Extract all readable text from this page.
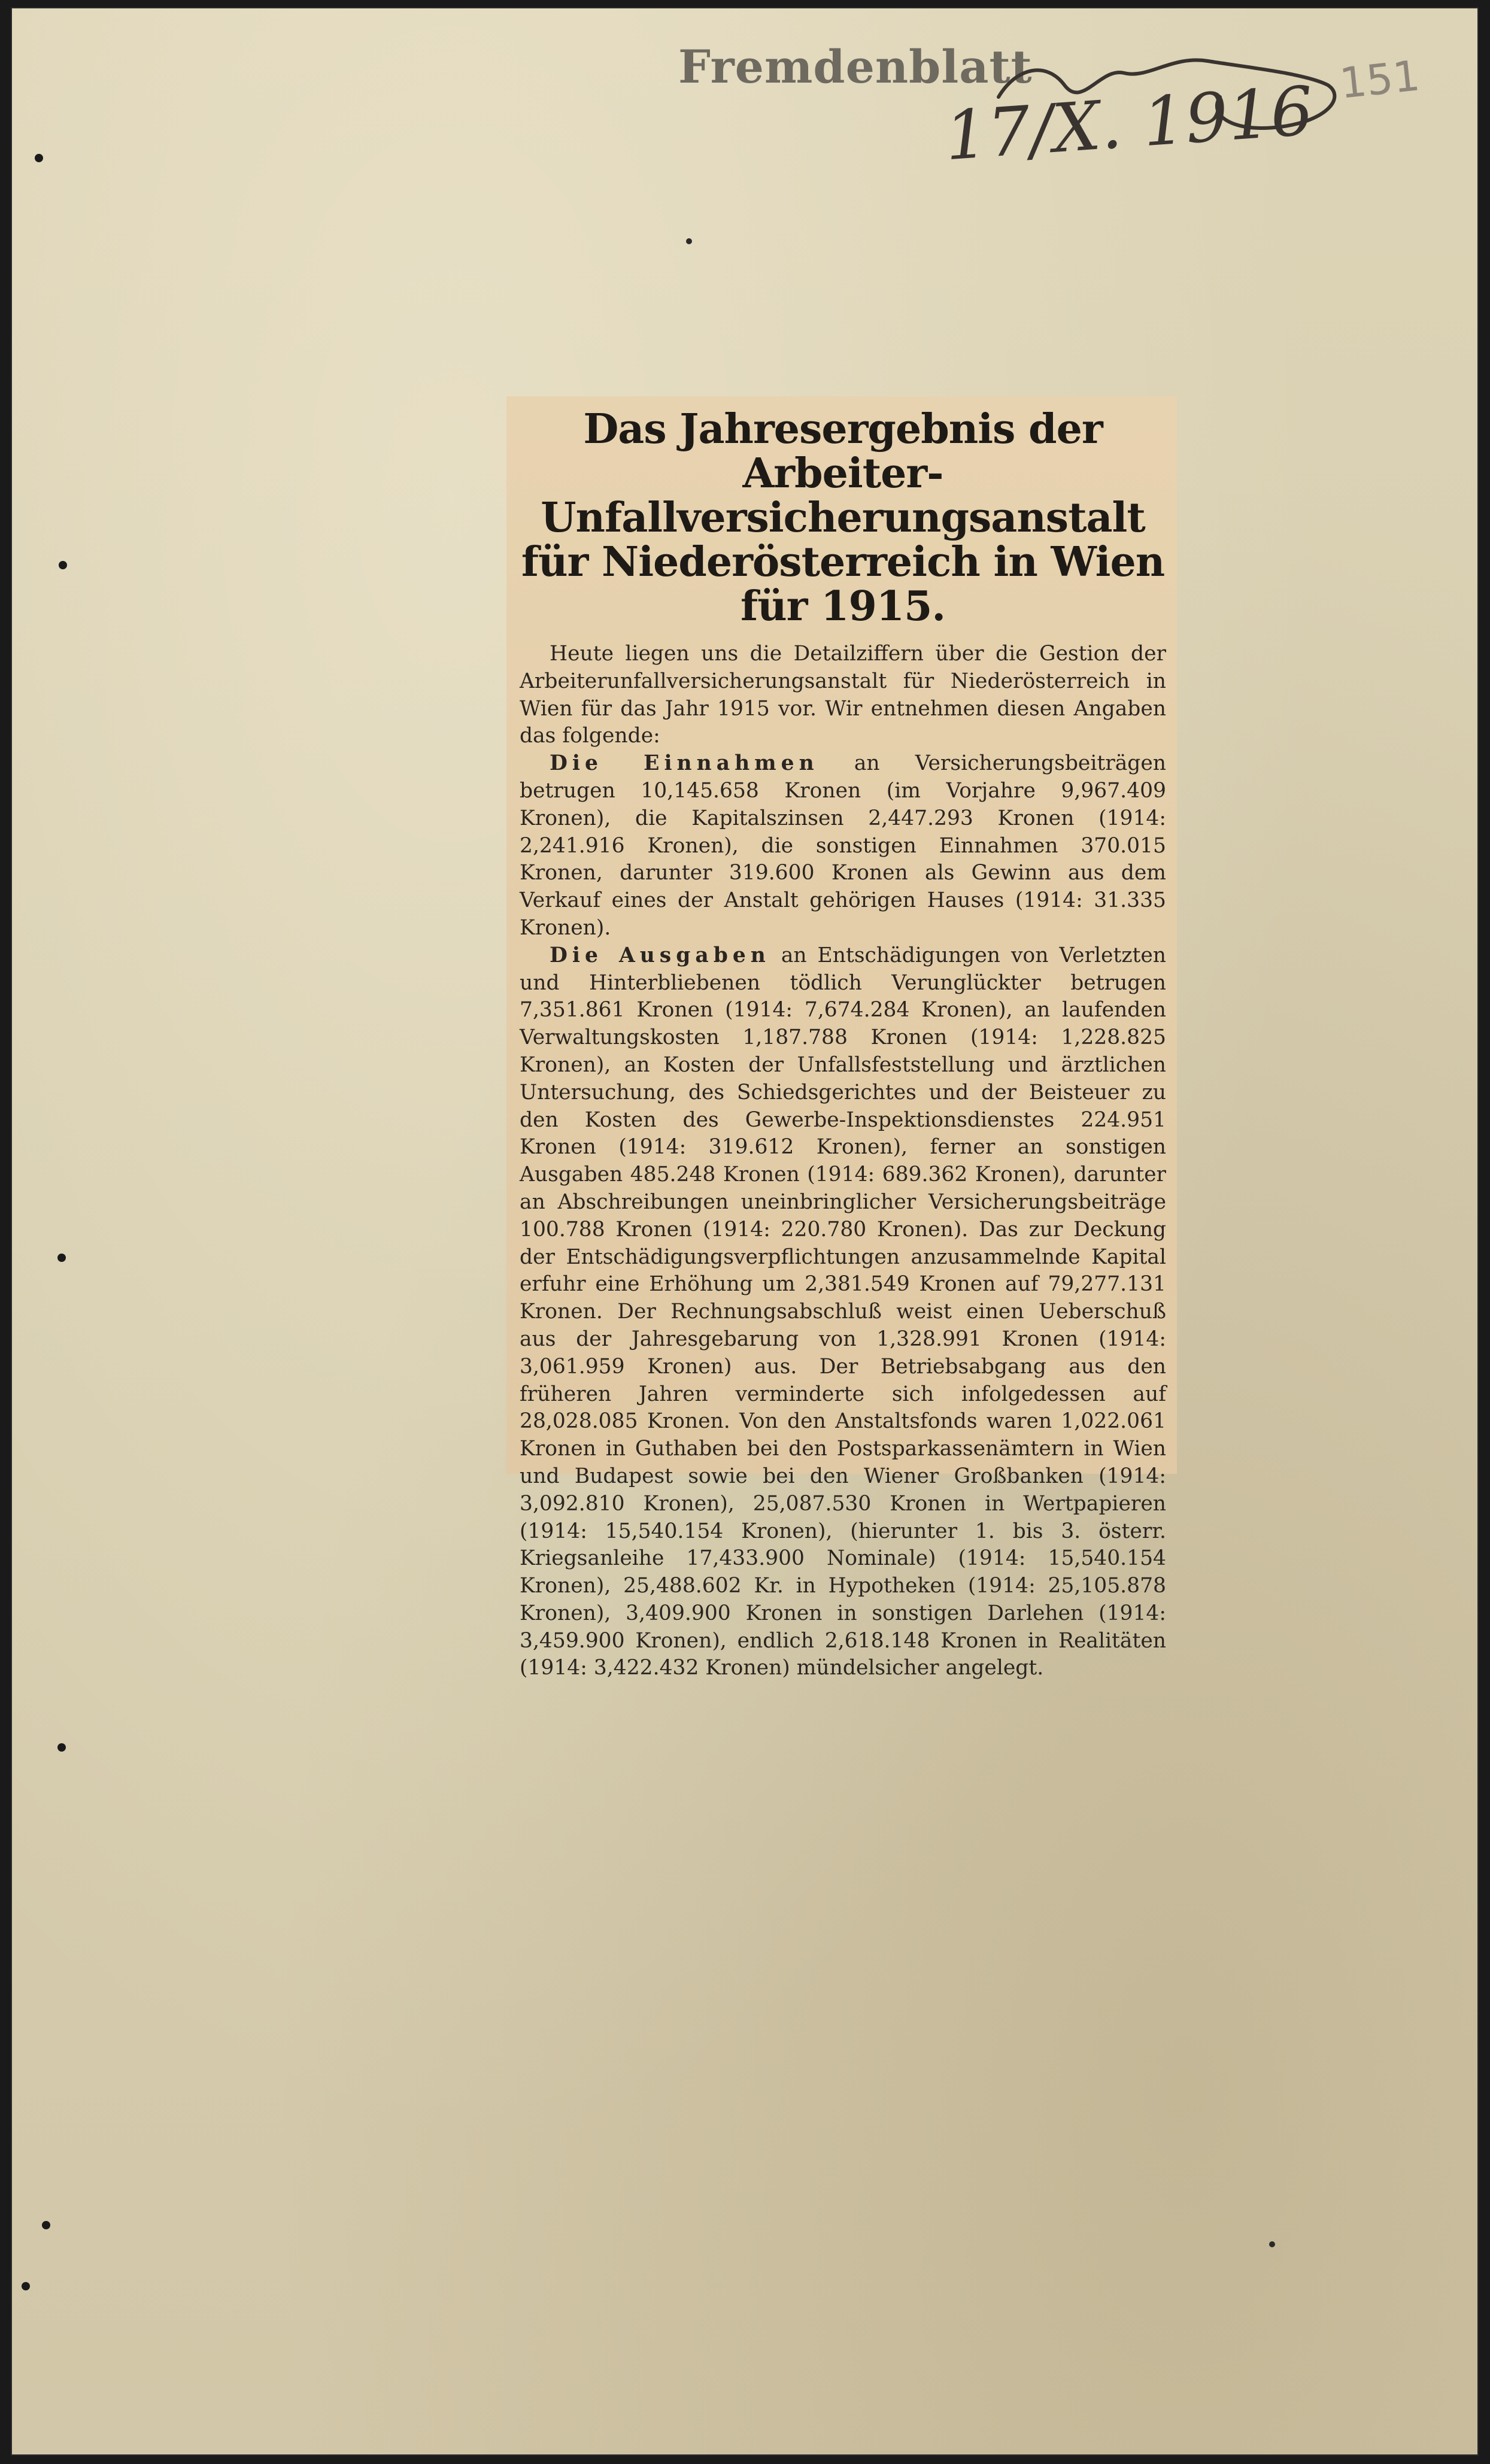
Fremdenblatt
17/X. 1916 151
Das Jahresergebnis der Arbeiter-Unfallversicherungsanstalt für Niederösterreich in Wien für 1915.

Heute liegen uns die Detailziffern über die Gestion der Arbeiterunfallversicherungsanstalt für Niederösterreich in Wien für das Jahr 1915 vor. Wir entnehmen diesen Angaben das folgende:

Die Einnahmen an Versicherungsbeiträgen betrugen 10,145.658 Kronen (im Vorjahre 9,967.409 Kronen), die Kapitalszinsen 2,447.293 Kronen (1914: 2,241.916 Kronen), die sonstigen Einnahmen 370.015 Kronen, darunter 319.600 Kronen als Gewinn aus dem Verkauf eines der Anstalt gehörigen Hauses (1914: 31.335 Kronen).

Die Ausgaben an Entschädigungen von Verletzten und Hinterbliebenen tödlich Verunglückter betrugen 7,351.861 Kronen (1914: 7,674.284 Kronen), an laufenden Verwaltungskosten 1,187.788 Kronen (1914: 1,228.825 Kronen), an Kosten der Unfallsfeststellung und ärztlichen Untersuchung, des Schiedsgerichtes und der Beisteuer zu den Kosten des Gewerbe-Inspektionsdienstes 224.951 Kronen (1914: 319.612 Kronen), ferner an sonstigen Ausgaben 485.248 Kronen (1914: 689.362 Kronen), darunter an Abschreibungen uneinbringlicher Versicherungsbeiträge 100.788 Kronen (1914: 220.780 Kronen). Das zur Deckung der Entschädigungsverpflichtungen anzusammelnde Kapital erfuhr eine Erhöhung um 2,381.549 Kronen auf 79,277.131 Kronen. Der Rechnungsabschluß weist einen Ueberschuß aus der Jahresgebarung von 1,328.991 Kronen (1914: 3,061.959 Kronen) aus. Der Betriebsabgang aus den früheren Jahren verminderte sich infolgedessen auf 28,028.085 Kronen. Von den Anstaltsfonds waren 1,022.061 Kronen in Guthaben bei den Postsparkassenämtern in Wien und Budapest sowie bei den Wiener Großbanken (1914: 3,092.810 Kronen), 25,087.530 Kronen in Wertpapieren (1914: 15,540.154 Kronen), (hierunter 1. bis 3. österr. Kriegsanleihe 17,433.900 Nominale) (1914: 15,540.154 Kronen), 25,488.602 Kr. in Hypotheken (1914: 25,105.878 Kronen), 3,409.900 Kronen in sonstigen Darlehen (1914: 3,459.900 Kronen), endlich 2,618.148 Kronen in Realitäten (1914: 3,422.432 Kronen) mündelsicher angelegt.
